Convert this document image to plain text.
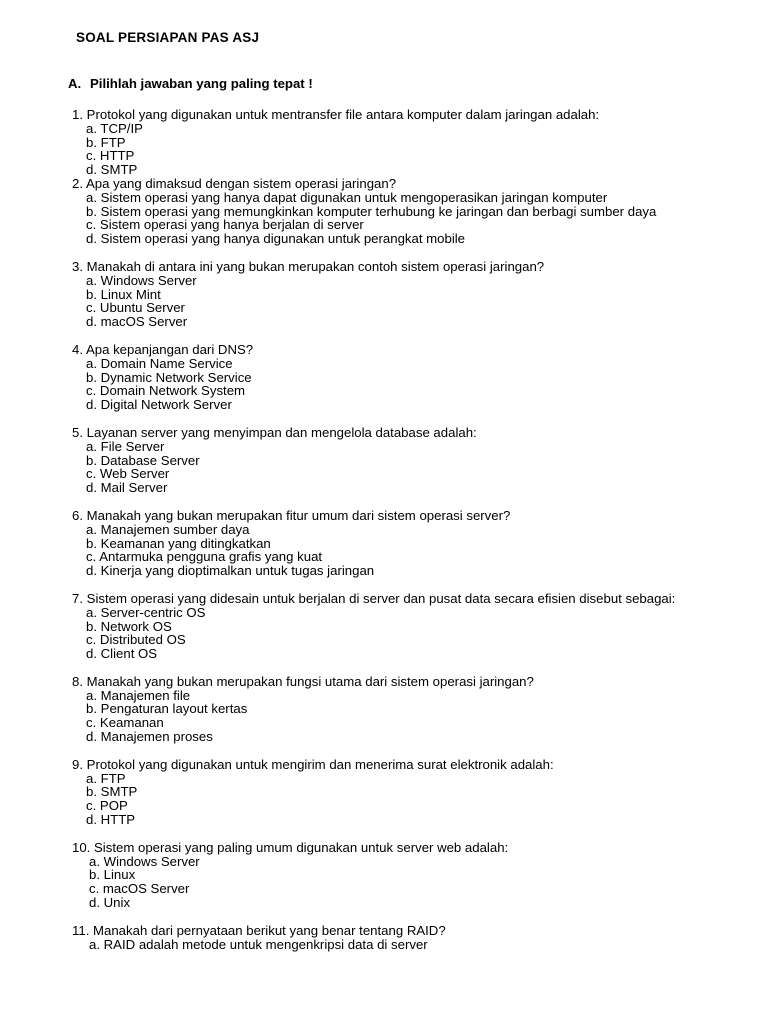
SOAL PERSIAPAN PAS ASJ
A. Pilihlah jawaban yang paling tepat !
1. Protokol yang digunakan untuk mentransfer file antara komputer dalam jaringan adalah:
a. TCP/IP
b. FTP
c. HTTP
d. SMTP
2. Apa yang dimaksud dengan sistem operasi jaringan?
a. Sistem operasi yang hanya dapat digunakan untuk mengoperasikan jaringan komputer
b. Sistem operasi yang memungkinkan komputer terhubung ke jaringan dan berbagi sumber daya
c. Sistem operasi yang hanya berjalan di server
d. Sistem operasi yang hanya digunakan untuk perangkat mobile
3. Manakah di antara ini yang bukan merupakan contoh sistem operasi jaringan?
a. Windows Server
b. Linux Mint
c. Ubuntu Server
d. macOS Server
4. Apa kepanjangan dari DNS?
a. Domain Name Service
b. Dynamic Network Service
c. Domain Network System
d. Digital Network Server
5. Layanan server yang menyimpan dan mengelola database adalah:
a. File Server
b. Database Server
c. Web Server
d. Mail Server
6. Manakah yang bukan merupakan fitur umum dari sistem operasi server?
a. Manajemen sumber daya
b. Keamanan yang ditingkatkan
c. Antarmuka pengguna grafis yang kuat
d. Kinerja yang dioptimalkan untuk tugas jaringan
7. Sistem operasi yang didesain untuk berjalan di server dan pusat data secara efisien disebut sebagai:
a. Server-centric OS
b. Network OS
c. Distributed OS
d. Client OS
8. Manakah yang bukan merupakan fungsi utama dari sistem operasi jaringan?
a. Manajemen file
b. Pengaturan layout kertas
c. Keamanan
d. Manajemen proses
9. Protokol yang digunakan untuk mengirim dan menerima surat elektronik adalah:
a. FTP
b. SMTP
c. POP
d. HTTP
10. Sistem operasi yang paling umum digunakan untuk server web adalah:
a. Windows Server
b. Linux
c. macOS Server
d. Unix
11. Manakah dari pernyataan berikut yang benar tentang RAID?
a. RAID adalah metode untuk mengenkripsi data di server
